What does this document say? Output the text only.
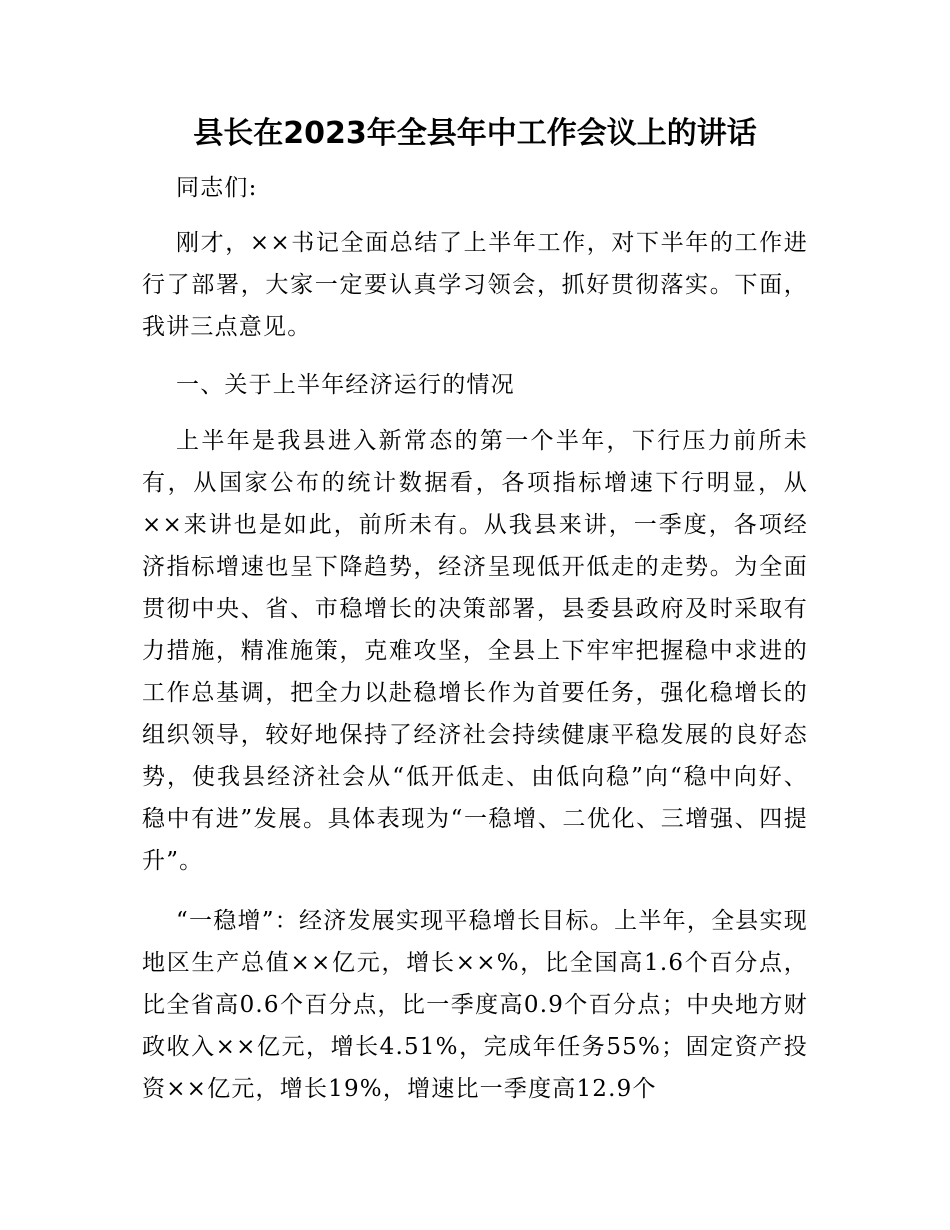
县长在2023年全县年中工作会议上的讲话

同志们:

刚才，××书记全面总结了上半年工作，对下半年的工作进行了部署，大家一定要认真学习领会，抓好贯彻落实。下面，我讲三点意见。

一、关于上半年经济运行的情况

上半年是我县进入新常态的第一个半年，下行压力前所未有，从国家公布的统计数据看，各项指标增速下行明显，从××来讲也是如此，前所未有。从我县来讲，一季度，各项经济指标增速也呈下降趋势，经济呈现低开低走的走势。为全面贯彻中央、省、市稳增长的决策部署，县委县政府及时采取有力措施，精准施策，克难攻坚，全县上下牢牢把握稳中求进的工作总基调，把全力以赴稳增长作为首要任务，强化稳增长的组织领导，较好地保持了经济社会持续健康平稳发展的良好态势，使我县经济社会从“低开低走、由低向稳”向“稳中向好、稳中有进”发展。具体表现为“一稳增、二优化、三增强、四提升”。

“一稳增”：经济发展实现平稳增长目标。上半年，全县实现地区生产总值××亿元，增长××%，比全国高1.6个百分点，比全省高0.6个百分点，比一季度高0.9个百分点；中央地方财政收入××亿元，增长4.51%，完成年任务55%；固定资产投资××亿元，增长19%，增速比一季度高12.9个
